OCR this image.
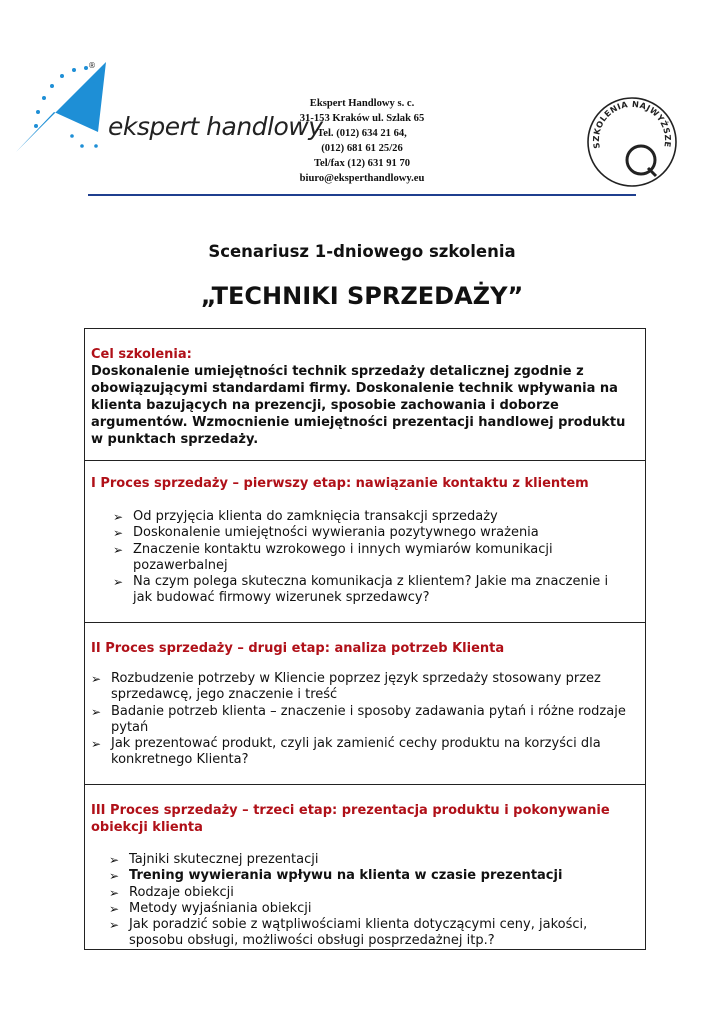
®
ekspert handlowy
Ekspert Handlowy s. c.
31-153 Kraków ul. Szlak 65
Tel. (012) 634 21 64,
(012) 681 61 25/26
Tel/fax (12) 631 91 70
biuro@eksperthandlowy.eu
SZKOLENIA NAJWYŻSZE
Q
Scenariusz 1-dniowego szkolenia
„TECHNIKI SPRZEDAŻY”
Cel szkolenia:
Doskonalenie umiejętności technik sprzedaży detalicznej zgodnie z obowiązującymi standardami firmy. Doskonalenie technik wpływania na klienta bazujących na prezencji, sposobie zachowania i doborze argumentów. Wzmocnienie umiejętności prezentacji handlowej produktu w punktach sprzedaży.
I Proces sprzedaży – pierwszy etap: nawiązanie kontaktu z klientem
➢ Od przyjęcia klienta do zamknięcia transakcji sprzedaży
➢ Doskonalenie umiejętności wywierania pozytywnego wrażenia
➢ Znaczenie kontaktu wzrokowego i innych wymiarów komunikacji pozawerbalnej
➢ Na czym polega skuteczna komunikacja z klientem? Jakie ma znaczenie i jak budować firmowy wizerunek sprzedawcy?
II Proces sprzedaży – drugi etap: analiza potrzeb Klienta
➢ Rozbudzenie potrzeby w Kliencie poprzez język sprzedaży stosowany przez sprzedawcę, jego znaczenie i treść
➢ Badanie potrzeb klienta – znaczenie i sposoby zadawania pytań i różne rodzaje pytań
➢ Jak prezentować produkt, czyli jak zamienić cechy produktu na korzyści dla konkretnego Klienta?
III Proces sprzedaży – trzeci etap: prezentacja produktu i pokonywanie obiekcji klienta
➢ Tajniki skutecznej prezentacji
➢ Trening wywierania wpływu na klienta w czasie prezentacji
➢ Rodzaje obiekcji
➢ Metody wyjaśniania obiekcji
➢ Jak poradzić sobie z wątpliwościami klienta dotyczącymi ceny, jakości, sposobu obsługi, możliwości obsługi posprzedażnej itp.?
